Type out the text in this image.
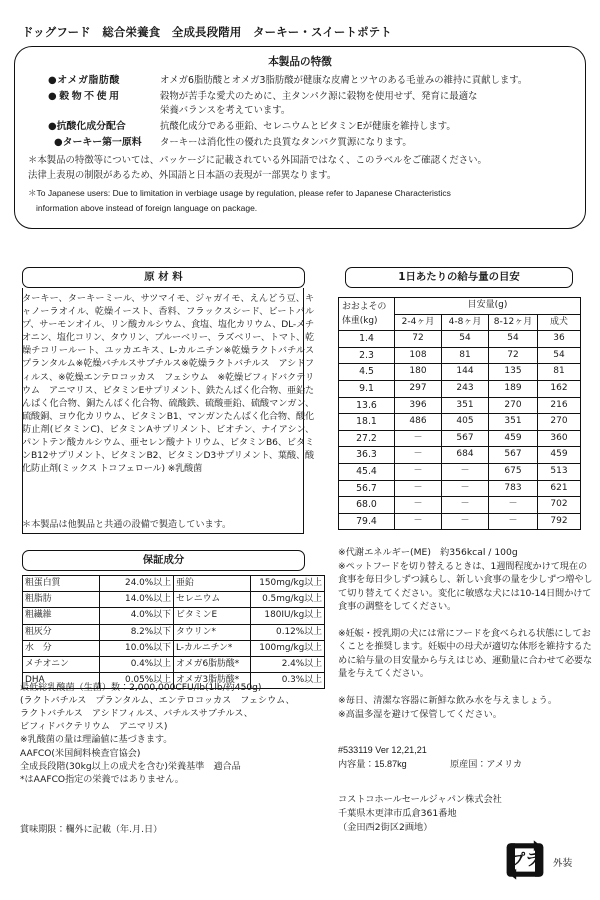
ドッグフード　総合栄養食　全成長段階用　ターキー・スイートポテト
本製品の特徴
●オメガ脂肪酸	オメガ6脂肪酸とオメガ3脂肪酸が健康な皮膚とツヤのある毛並みの維持に貢献します。
●穀物不使用	穀物が苦手な愛犬のために、主タンパク源に穀物を使用せず、発育に最適な
栄養バランスを考えています。
●抗酸化成分配合	抗酸化成分である亜鉛、セレニウムとビタミンEが健康を維持します。
●ターキー第一原料 ターキーは消化性の優れた良質なタンパク質源になります。
＊本製品の特徴等については、パッケージに記載されている外国語ではなく、このラベルをご確認ください。
法律上表現の制限があるため、外国語と日本語の表現が一部異なります。
＊To Japanese users: Due to limitation in verbiage usage by regulation, please refer to Japanese Characteristics
information above instead of foreign language on package.
原 材 料
ターキー、ターキーミール、サツマイモ、ジャガイモ、えんどう豆、キャノーラオイル、乾燥イースト、香料、フラックスシード、ビートパルプ、サーモンオイル、リン酸カルシウム、食塩、塩化カリウム、DL-メチオニン、塩化コリン、タウリン、ブルーベリー、ラズベリー、トマト、乾燥チコリールート、ユッカエキス、L-カルニチン※乾燥ラクトバチルス　プランタルム※乾燥バチルスサブチルス※乾燥ラクトバチルス　アシドフィルス、※乾燥エンテロコッカス　フェシウム　※乾燥ビフィドバクテリウム　アニマリス、ビタミンEサプリメント、鉄たんぱく化合物、亜鉛たんぱく化合物、銅たんぱく化合物、硫酸鉄、硫酸亜鉛、硫酸マンガン、硫酸銅、ヨウ化カリウム、ビタミンB1、マンガンたんぱく化合物、酸化防止剤(ビタミンC)、ビタミンAサプリメント、ビオチン、ナイアシン、パントテン酸カルシウム、亜セレン酸ナトリウム、ビタミンB6、ビタミンB12サプリメント、ビタミンB2、ビタミンD3サプリメント、葉酸、酸化防止剤(ミックス トコフェロール) ※乳酸菌
＊本製品は他製品と共通の設備で製造しています。
1日あたりの給与量の目安
おおよその
体重(kg)	目安量(g)			
	2-4ヶ月	4-8ヶ月	8-12ヶ月	成犬
1.4	72	54	54	36
2.3	108	81	72	54
4.5	180	144	135	81
9.1	297	243	189	162
13.6	396	351	270	216
18.1	486	405	351	270
27.2	－	567	459	360
36.3	－	684	567	459
45.4	－	－	675	513
56.7	－	－	783	621
68.0	－	－	－	702
79.4	－	－	－	792
保証成分
粗蛋白質	24.0%以上	亜鉛	150mg/kg以上
粗脂肪	14.0%以上	セレニウム	0.5mg/kg以上
粗繊維	4.0%以下	ビタミンE	180IU/kg以上
粗灰分	8.2%以下	タウリン*	0.12%以上
水　分	10.0%以下	L-カルニチン*	100mg/kg以上
メチオニン	0.4%以上	オメガ6脂肪酸*	2.4%以上
DHA	0.05%以上	オメガ3脂肪酸*	0.3%以上
最低総乳酸菌（生菌）数：2,000,000CFU/lb(1lb/約450g)
(ラクトバチルス　プランタルム、エンテロコッカス　フェシウム、
ラクトバチルス　アシドフィルス、バチルスサブチルス、
ビフィドバクテリウム　アニマリス)
※乳酸菌の量は理論値に基づきます。
AAFCO(米国飼料検査官協会)
全成長段階(30kg以上の成犬を含む)栄養基準　適合品
*はAAFCO指定の栄養ではありません。
賞味期限：欄外に記載（年.月.日）
※代謝エネルギー(ME)　約356kcal / 100g
※ペットフードを切り替えるときは、1週間程度かけて現在の食事を毎日少しずつ減らし、新しい食事の量を少しずつ増やして切り替えてください。変化に敏感な犬には10-14日間かけて食事の調整をしてください。
※妊娠・授乳期の犬には常にフードを食べられる状態にしておくことを推奨します。妊娠中の母犬が適切な体形を維持するために給与量の目安量から与えはじめ、運動量に合わせて必要な量を与えてください。
※毎日、清潔な容器に新鮮な飲み水を与えましょう。
※高温多湿を避けて保管してください。
#533119 Ver 12,21,21
内容量：15.87kg	原産国：アメリカ
コストコホールセールジャパン株式会社
千葉県木更津市瓜倉361番地
（金田西2街区2画地）
プラ 外装
